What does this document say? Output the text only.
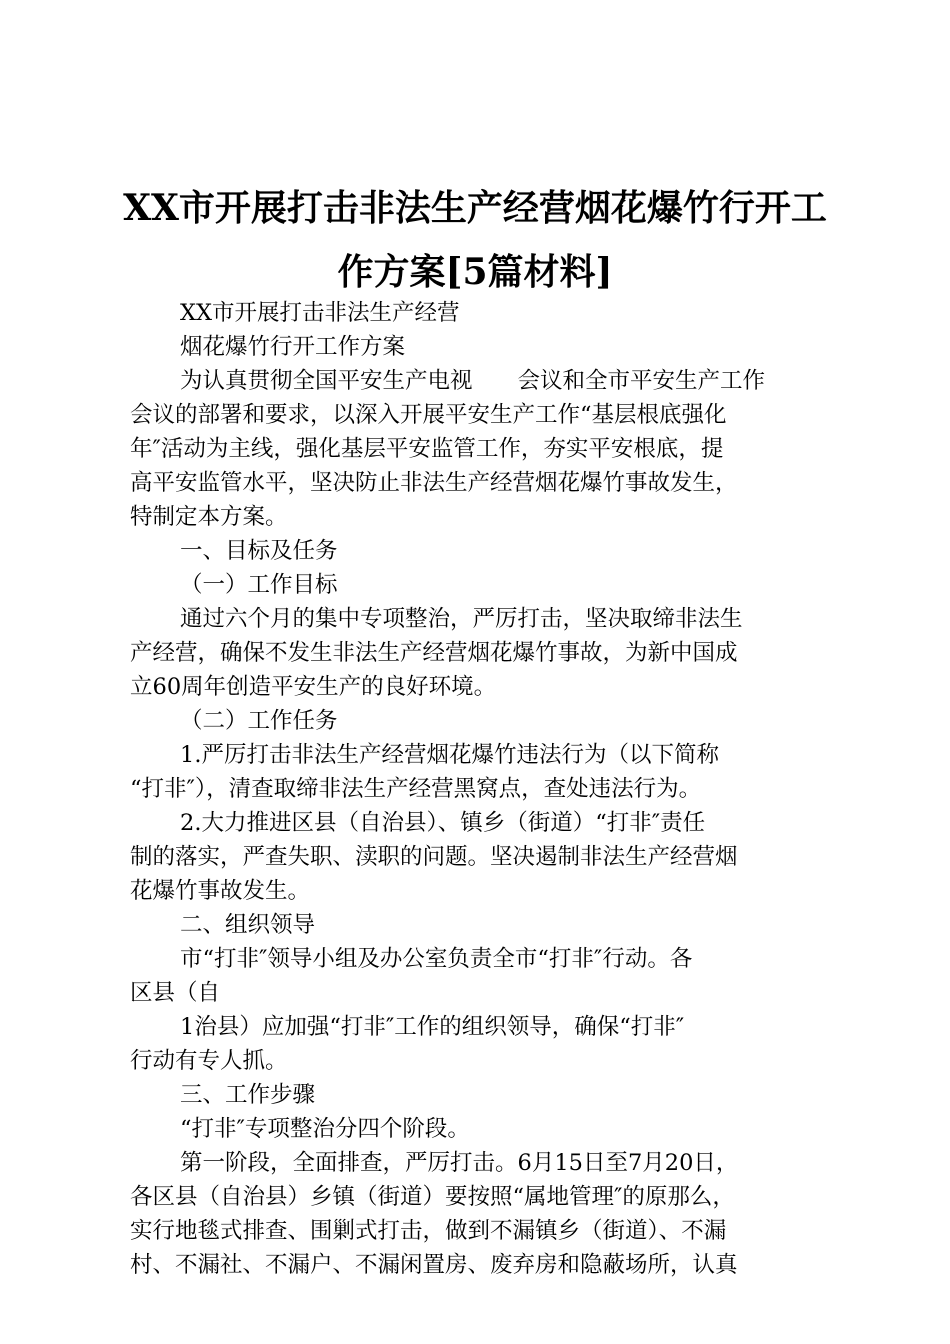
XX市开展打击非法生产经营烟花爆竹行开工
作方案[5篇材料]

XX市开展打击非法生产经营

烟花爆竹行开工作方案

为认真贯彻全国平安生产电视　　会议和全市平安生产工作

会议的部署和要求，以深入开展平安生产工作“基层根底强化

年″活动为主线，强化基层平安监管工作，夯实平安根底，提

高平安监管水平，坚决防止非法生产经营烟花爆竹事故发生，

特制定本方案。

一、目标及任务

（一）工作目标

通过六个月的集中专项整治，严厉打击，坚决取缔非法生

产经营，确保不发生非法生产经营烟花爆竹事故，为新中国成

立60周年创造平安生产的良好环境。

（二）工作任务

1.严厉打击非法生产经营烟花爆竹违法行为（以下简称

“打非″），清查取缔非法生产经营黑窝点，查处违法行为。

2.大力推进区县（自治县）、镇乡（街道）“打非″责任

制的落实，严查失职、渎职的问题。坚决遏制非法生产经营烟

花爆竹事故发生。

二、组织领导

市“打非″领导小组及办公室负责全市“打非″行动。各

区县（自

1治县）应加强“打非″工作的组织领导，确保“打非″

行动有专人抓。

三、工作步骤

“打非″专项整治分四个阶段。

第一阶段，全面排查，严厉打击。6月15日至7月20日，

各区县（自治县）乡镇（街道）要按照“属地管理″的原那么，

实行地毯式排查、围剿式打击，做到不漏镇乡（街道）、不漏

村、不漏社、不漏户、不漏闲置房、废弃房和隐蔽场所，认真
